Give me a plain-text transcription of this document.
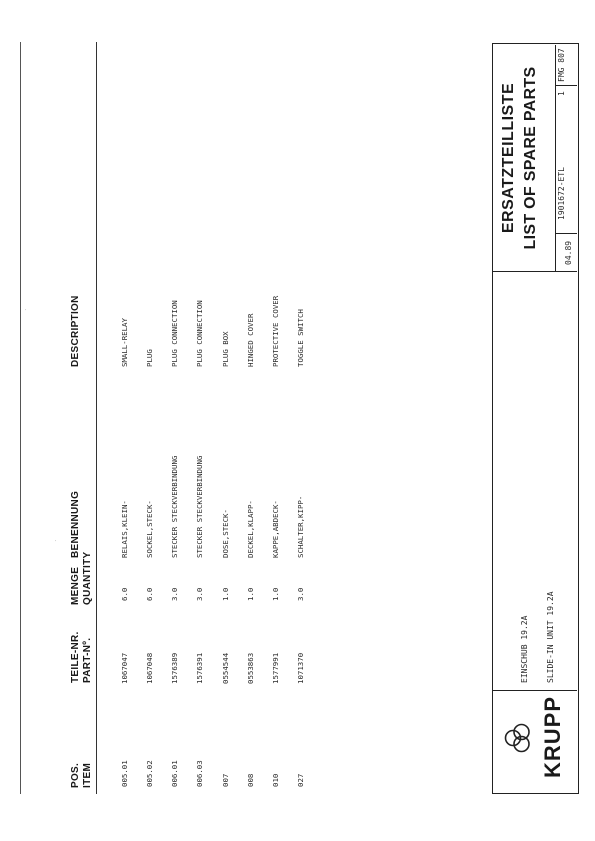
POS. ITEM
TEILE-NR. PART-Nº.
MENGE QUANTITY
BENENNUNG
DESCRIPTION

005.01

005.02

006.01

006.03

007

008

010

027

1067047

1067048

1576389

1576391

0554544

0553863

1577991

1071370

6.0

6.0

3.0

3.0

1.0

1.0

1.0

3.0

RELAIS,KLEIN-

SOCKEL,STECK-

STECKER STECKVERBINDUNG

STECKER STECKVERBINDUNG

DOSE,STECK-

DECKEL,KLAPP-

KAPPE,ABDECK-

SCHALTER,KIPP-

SMALL-RELAY

PLUG

PLUG CONNECTION

PLUG CONNECTION

PLUG BOX

HINGED COVER

PROTECTIVE COVER

TOGGLE SWITCH

∙
∙
KRUPP
EINSCHUB 19.2A SLIDE-IN UNIT 19.2A
ERSATZTEILLISTE LIST OF SPARE PARTS
04.89
1901672-ETL
1
FMG 807
